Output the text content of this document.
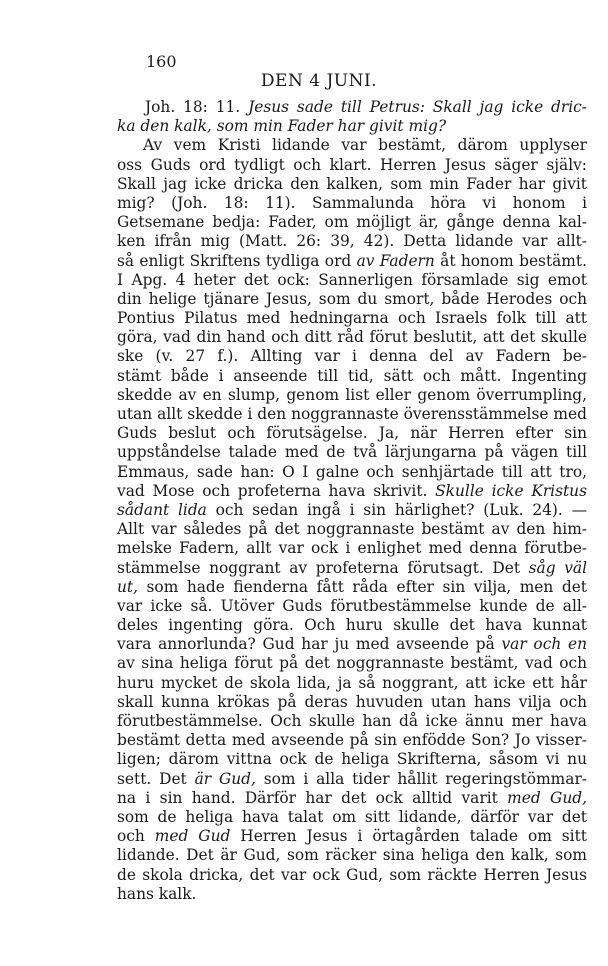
160
DEN 4 JUNI.
Joh. 18: 11. Jesus sade till Petrus: Skall jag icke dric-
ka den kalk, som min Fader har givit mig?
Av vem Kristi lidande var bestämt, därom upplyser
oss Guds ord tydligt och klart. Herren Jesus säger själv:
Skall jag icke dricka den kalken, som min Fader har givit
mig? (Joh. 18: 11). Sammalunda höra vi honom i
Getsemane bedja: Fader, om möjligt är, gånge denna kal-
ken ifrån mig (Matt. 26: 39, 42). Detta lidande var allt-
så enligt Skriftens tydliga ord av Fadern åt honom bestämt.
I Apg. 4 heter det ock: Sannerligen församlade sig emot
din helige tjänare Jesus, som du smort, både Herodes och
Pontius Pilatus med hedningarna och Israels folk till att
göra, vad din hand och ditt råd förut beslutit, att det skulle
ske (v. 27 f.). Allting var i denna del av Fadern be-
stämt både i anseende till tid, sätt och mått. Ingenting
skedde av en slump, genom list eller genom överrumpling,
utan allt skedde i den noggrannaste överensstämmelse med
Guds beslut och förutsägelse. Ja, när Herren efter sin
uppståndelse talade med de två lärjungarna på vägen till
Emmaus, sade han: O I galne och senhjärtade till att tro,
vad Mose och profeterna hava skrivit. Skulle icke Kristus
sådant lida och sedan ingå i sin härlighet? (Luk. 24). —
Allt var således på det noggrannaste bestämt av den him-
melske Fadern, allt var ock i enlighet med denna förutbe-
stämmelse noggrant av profeterna förutsagt. Det såg väl
ut, som hade fienderna fått råda efter sin vilja, men det
var icke så. Utöver Guds förutbestämmelse kunde de all-
deles ingenting göra. Och huru skulle det hava kunnat
vara annorlunda? Gud har ju med avseende på var och en
av sina heliga förut på det noggrannaste bestämt, vad och
huru mycket de skola lida, ja så noggrant, att icke ett hår
skall kunna krökas på deras huvuden utan hans vilja och
förutbestämmelse. Och skulle han då icke ännu mer hava
bestämt detta med avseende på sin enfödde Son? Jo visser-
ligen; därom vittna ock de heliga Skrifterna, såsom vi nu
sett. Det är Gud, som i alla tider hållit regeringstömmar-
na i sin hand. Därför har det ock alltid varit med Gud,
som de heliga hava talat om sitt lidande, därför var det
och med Gud Herren Jesus i örtagården talade om sitt
lidande. Det är Gud, som räcker sina heliga den kalk, som
de skola dricka, det var ock Gud, som räckte Herren Jesus
hans kalk.
